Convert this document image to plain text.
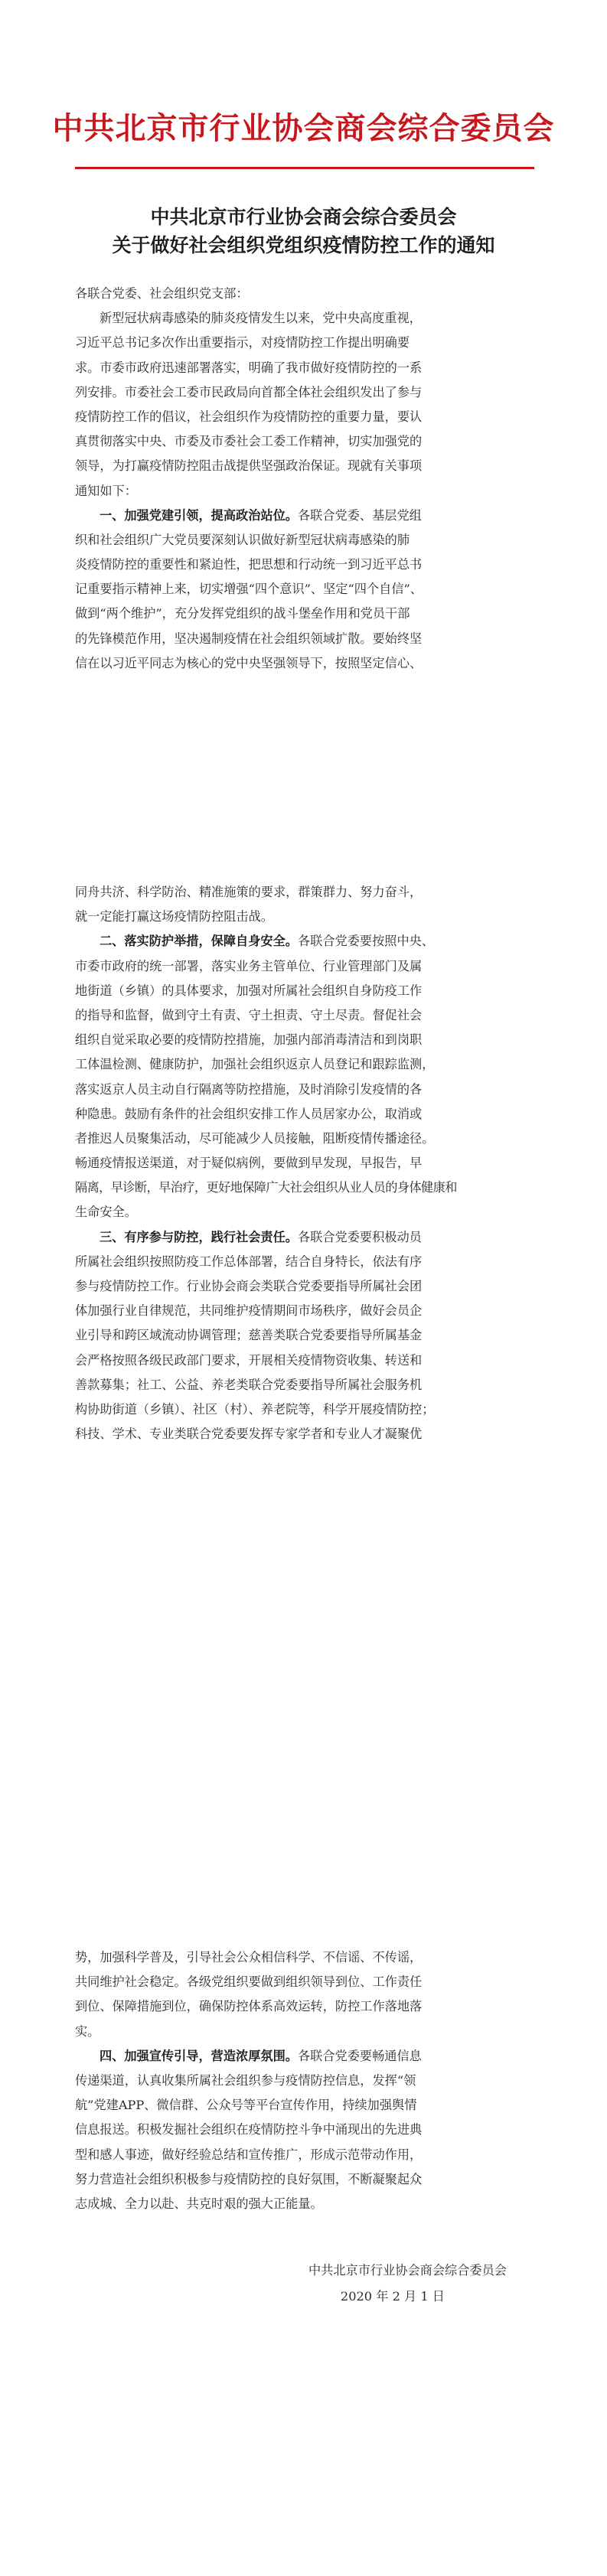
中共北京市行业协会商会综合委员会
中共北京市行业协会商会综合委员会
关于做好社会组织党组织疫情防控工作的通知
各联合党委、社会组织党支部：
新型冠状病毒感染的肺炎疫情发生以来，党中央高度重视，
习近平总书记多次作出重要指示，对疫情防控工作提出明确要
求。市委市政府迅速部署落实，明确了我市做好疫情防控的一系
列安排。市委社会工委市民政局向首都全体社会组织发出了参与
疫情防控工作的倡议，社会组织作为疫情防控的重要力量，要认
真贯彻落实中央、市委及市委社会工委工作精神，切实加强党的
领导，为打赢疫情防控阻击战提供坚强政治保证。现就有关事项
通知如下：
一、加强党建引领，提高政治站位。各联合党委、基层党组
织和社会组织广大党员要深刻认识做好新型冠状病毒感染的肺
炎疫情防控的重要性和紧迫性，把思想和行动统一到习近平总书
记重要指示精神上来，切实增强“四个意识”、坚定“四个自信”、
做到“两个维护”，充分发挥党组织的战斗堡垒作用和党员干部
的先锋模范作用，坚决遏制疫情在社会组织领域扩散。要始终坚
信在以习近平同志为核心的党中央坚强领导下，按照坚定信心、
同舟共济、科学防治、精准施策的要求，群策群力、努力奋斗，
就一定能打赢这场疫情防控阻击战。
二、落实防护举措，保障自身安全。各联合党委要按照中央、
市委市政府的统一部署，落实业务主管单位、行业管理部门及属
地街道（乡镇）的具体要求，加强对所属社会组织自身防疫工作
的指导和监督，做到守土有责、守土担责、守土尽责。督促社会
组织自觉采取必要的疫情防控措施，加强内部消毒清洁和到岗职
工体温检测、健康防护，加强社会组织返京人员登记和跟踪监测，
落实返京人员主动自行隔离等防控措施，及时消除引发疫情的各
种隐患。鼓励有条件的社会组织安排工作人员居家办公，取消或
者推迟人员聚集活动，尽可能减少人员接触，阻断疫情传播途径。
畅通疫情报送渠道，对于疑似病例，要做到早发现，早报告，早
隔离，早诊断，早治疗，更好地保障广大社会组织从业人员的身体健康和
生命安全。
三、有序参与防控，践行社会责任。各联合党委要积极动员
所属社会组织按照防疫工作总体部署，结合自身特长，依法有序
参与疫情防控工作。行业协会商会类联合党委要指导所属社会团
体加强行业自律规范，共同维护疫情期间市场秩序，做好会员企
业引导和跨区域流动协调管理；慈善类联合党委要指导所属基金
会严格按照各级民政部门要求，开展相关疫情物资收集、转送和
善款募集；社工、公益、养老类联合党委要指导所属社会服务机
构协助街道（乡镇）、社区（村）、养老院等，科学开展疫情防控；
科技、学术、专业类联合党委要发挥专家学者和专业人才凝聚优
势，加强科学普及，引导社会公众相信科学、不信谣、不传谣，
共同维护社会稳定。各级党组织要做到组织领导到位、工作责任
到位、保障措施到位，确保防控体系高效运转，防控工作落地落
实。
四、加强宣传引导，营造浓厚氛围。各联合党委要畅通信息
传递渠道，认真收集所属社会组织参与疫情防控信息，发挥“领
航”党建APP、微信群、公众号等平台宣传作用，持续加强舆情
信息报送。积极发掘社会组织在疫情防控斗争中涌现出的先进典
型和感人事迹，做好经验总结和宣传推广，形成示范带动作用，
努力营造社会组织积极参与疫情防控的良好氛围，不断凝聚起众
志成城、全力以赴、共克时艰的强大正能量。
中共北京市行业协会商会综合委员会
2020 年 2 月 1 日
